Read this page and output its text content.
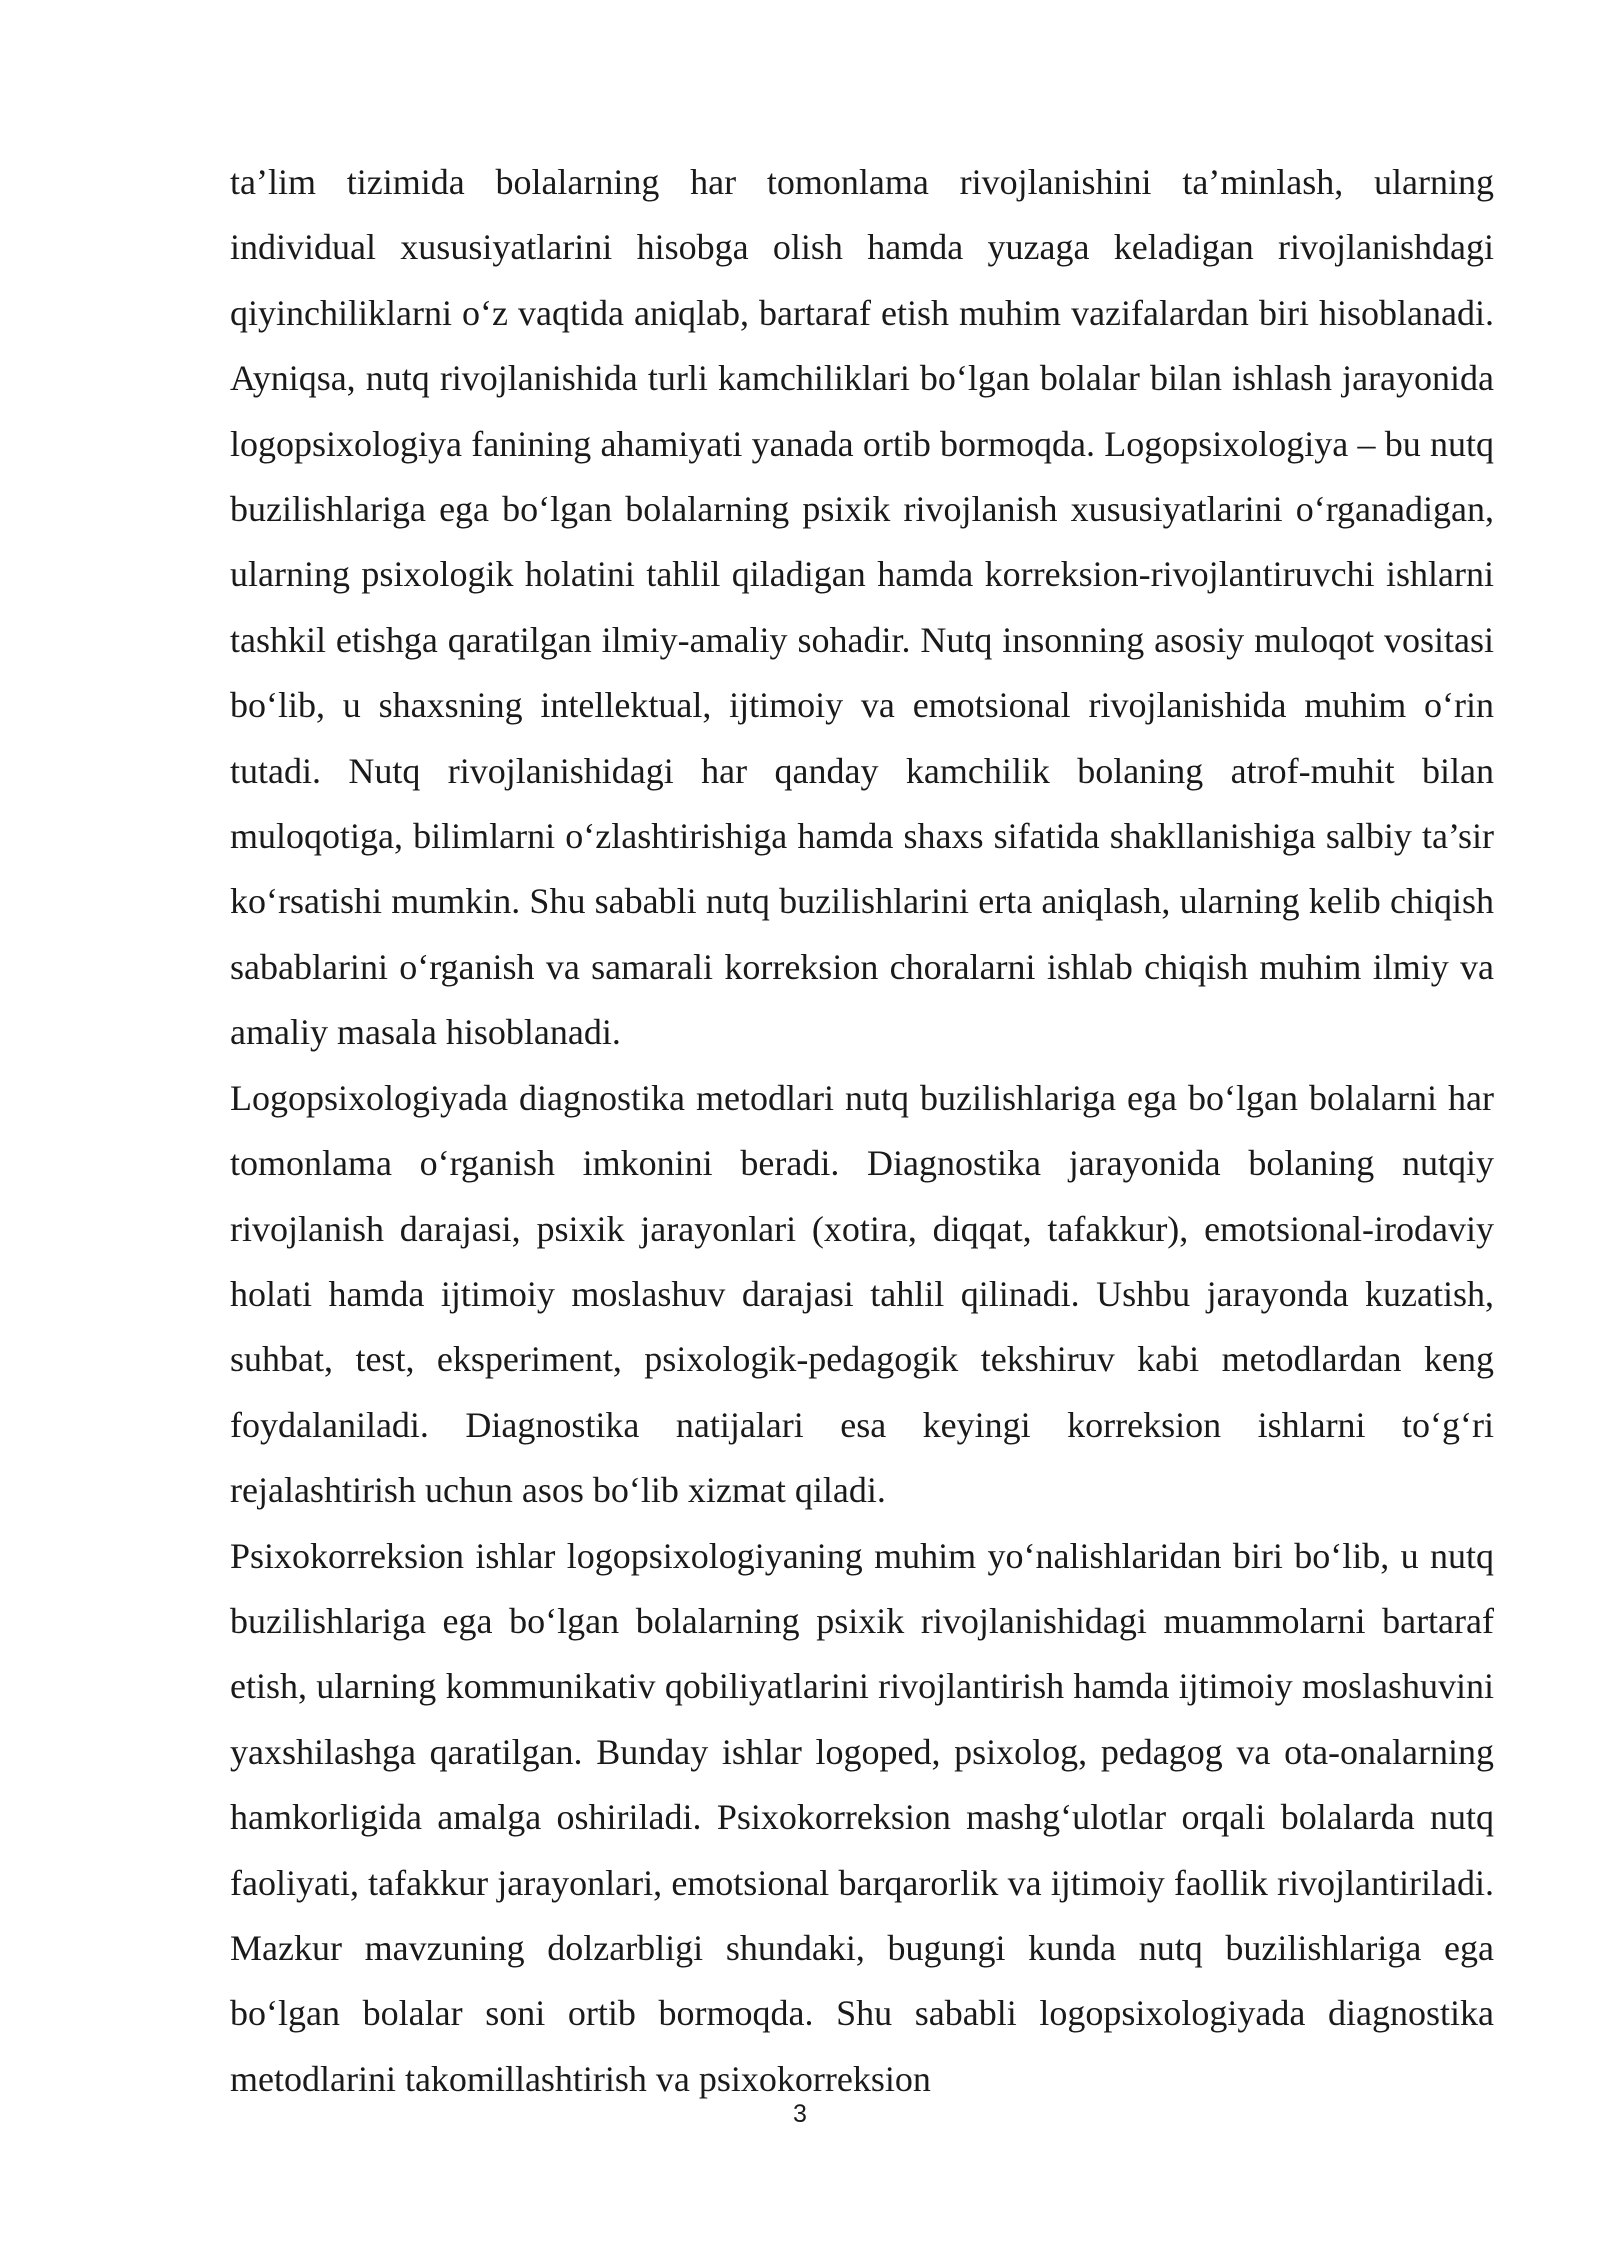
ta’lim tizimida bolalarning har tomonlama rivojlanishini ta’minlash, ularning individual xususiyatlarini hisobga olish hamda yuzaga keladigan rivojlanishdagi qiyinchiliklarni o‘z vaqtida aniqlab, bartaraf etish muhim vazifalardan biri hisoblanadi. Ayniqsa, nutq rivojlanishida turli kamchiliklari bo‘lgan bolalar bilan ishlash jarayonida logopsixologiya fanining ahamiyati yanada ortib bormoqda. Logopsixologiya – bu nutq buzilishlariga ega bo‘lgan bolalarning psixik rivojlanish xususiyatlarini o‘rganadigan, ularning psixologik holatini tahlil qiladigan hamda korreksion-rivojlantiruvchi ishlarni tashkil etishga qaratilgan ilmiy-amaliy sohadir. Nutq insonning asosiy muloqot vositasi bo‘lib, u shaxsning intellektual, ijtimoiy va emotsional rivojlanishida muhim o‘rin tutadi. Nutq rivojlanishidagi har qanday kamchilik bolaning atrof-muhit bilan muloqotiga, bilimlarni o‘zlashtirishiga hamda shaxs sifatida shakllanishiga salbiy ta’sir ko‘rsatishi mumkin. Shu sababli nutq buzilishlarini erta aniqlash, ularning kelib chiqish sabablarini o‘rganish va samarali korreksion choralarni ishlab chiqish muhim ilmiy va amaliy masala hisoblanadi.

Logopsixologiyada diagnostika metodlari nutq buzilishlariga ega bo‘lgan bolalarni har tomonlama o‘rganish imkonini beradi. Diagnostika jarayonida bolaning nutqiy rivojlanish darajasi, psixik jarayonlari (xotira, diqqat, tafakkur), emotsional-irodaviy holati hamda ijtimoiy moslashuv darajasi tahlil qilinadi. Ushbu jarayonda kuzatish, suhbat, test, eksperiment, psixologik-pedagogik tekshiruv kabi metodlardan keng foydalaniladi. Diagnostika natijalari esa keyingi korreksion ishlarni to‘g‘ri rejalashtirish uchun asos bo‘lib xizmat qiladi.

Psixokorreksion ishlar logopsixologiyaning muhim yo‘nalishlaridan biri bo‘lib, u nutq buzilishlariga ega bo‘lgan bolalarning psixik rivojlanishidagi muammolarni bartaraf etish, ularning kommunikativ qobiliyatlarini rivojlantirish hamda ijtimoiy moslashuvini yaxshilashga qaratilgan. Bunday ishlar logoped, psixolog, pedagog va ota-onalarning hamkorligida amalga oshiriladi. Psixokorreksion mashg‘ulotlar orqali bolalarda nutq faoliyati, tafakkur jarayonlari, emotsional barqarorlik va ijtimoiy faollik rivojlantiriladi. Mazkur mavzuning dolzarbligi shundaki, bugungi kunda nutq buzilishlariga ega bo‘lgan bolalar soni ortib bormoqda. Shu sababli logopsixologiyada diagnostika metodlarini takomillashtirish va psixokorreksion

3
